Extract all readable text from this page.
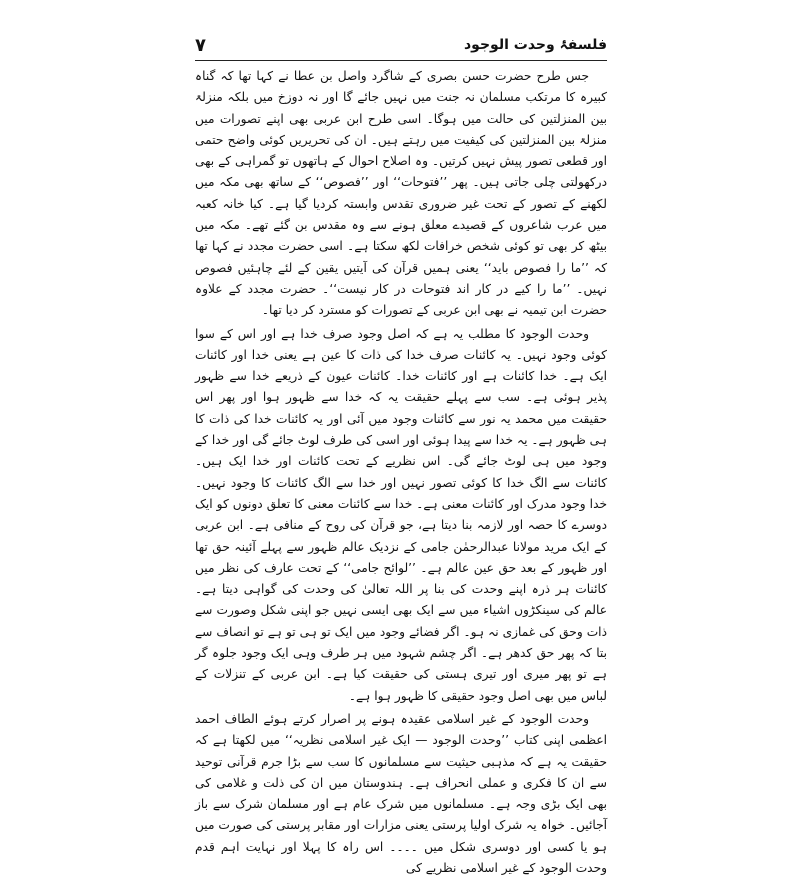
فلسفۂ وحدت الوجود
۷

جس طرح حضرت حسن بصری کے شاگرد واصل بن عطا نے کہا تھا کہ گناہ کبیرہ کا مرتکب مسلمان نہ جنت میں نہیں جائے گا اور نہ دوزخ میں بلکہ منزلۃ بین المنزلتین کی حالت میں ہوگا۔ اسی طرح ابن عربی بھی اپنے تصورات میں منزلۃ بین المنزلتین کی کیفیت میں رہتے ہیں۔ ان کی تحریریں کوئی واضح حتمی اور قطعی تصور پیش نہیں کرتیں۔ وہ اصلاح احوال کے ہاتھوں تو گمراہی کے بھی درکھولتی چلی جاتی ہیں۔ پھر ’’فتوحات‘‘ اور ’’فصوص‘‘ کے ساتھ بھی مکہ میں لکھنے کے تصور کے تحت غیر ضروری تقدس وابستہ کردیا گیا ہے۔ کیا خانہ کعبہ میں عرب شاعروں کے قصیدے معلق ہونے سے وہ مقدس بن گئے تھے۔ مکہ میں بیٹھ کر بھی تو کوئی شخص خرافات لکھ سکتا ہے۔ اسی حضرت مجدد نے کہا تھا کہ ’’ما را فصوص باید‘‘ یعنی ہمیں قرآن کی آیتیں یقین کے لئے چاہئیں فصوص نہیں۔ ’’ما را کیے در کار اند فتوحات در کار نیست‘‘۔ حضرت مجدد کے علاوہ حضرت ابن تیمیہ نے بھی ابن عربی کے تصورات کو مسترد کر دیا تھا۔

وحدت الوجود کا مطلب یہ ہے کہ اصل وجود صرف خدا ہے اور اس کے سوا کوئی وجود نہیں۔ یہ کائنات صرف خدا کی ذات کا عین ہے یعنی خدا اور کائنات ایک ہے۔ خدا کائنات ہے اور کائنات خدا۔ کائنات عیون کے ذریعے خدا سے ظہور پذیر ہوئی ہے۔ سب سے پہلے حقیقت یہ کہ خدا سے ظہور ہوا اور پھر اس حقیقت میں محمد یہ نور سے کائنات وجود میں آئی اور یہ کائنات خدا کی ذات کا ہی ظہور ہے۔ یہ خدا سے پیدا ہوئی اور اسی کی طرف لوٹ جائے گی اور خدا کے وجود میں ہی لوٹ جائے گی۔ اس نظریے کے تحت کائنات اور خدا ایک ہیں۔ کائنات سے الگ خدا کا کوئی تصور نہیں اور خدا سے الگ کائنات کا وجود نہیں۔ خدا وجود مدرک اور کائنات معنی ہے۔ خدا سے کائنات معنی کا تعلق دونوں کو ایک دوسرے کا حصہ اور لازمہ بنا دیتا ہے، جو قرآن کی روح کے منافی ہے۔ ابن عربی کے ایک مرید مولانا عبدالرحمٰن جامی کے نزدیک عالم ظہور سے پہلے آئینہ حق تھا اور ظہور کے بعد حق عین عالم ہے۔ ’’لوائح جامی‘‘ کے تحت عارف کی نظر میں کائنات ہر ذرہ اپنے وحدت کی بنا پر اللہ تعالیٰ کی وحدت کی گواہی دیتا ہے۔ عالم کی سینکڑوں اشیاء میں سے ایک بھی ایسی نہیں جو اپنی شکل وصورت سے ذات وحق کی غمازی نہ ہو۔ اگر فضائے وجود میں ایک تو ہی تو ہے تو انصاف سے بتا کہ پھر حق کدھر ہے۔ اگر چشم شہود میں ہر طرف وہی ایک وجود جلوہ گر ہے تو پھر میری اور تیری ہستی کی حقیقت کیا ہے۔ ابن عربی کے تنزلات کے لباس میں بھی اصل وجود حقیقی کا ظہور ہوا ہے۔

وحدت الوجود کے غیر اسلامی عقیدہ ہونے پر اصرار کرتے ہوئے الطاف احمد اعظمی اپنی کتاب ’’وحدت الوجود — ایک غیر اسلامی نظریہ‘‘ میں لکھتا ہے کہ حقیقت یہ ہے کہ مذہبی حیثیت سے مسلمانوں کا سب سے بڑا جرم قرآنی توحید سے ان کا فکری و عملی انحراف ہے۔ ہندوستان میں ان کی ذلت و غلامی کی بھی ایک بڑی وجہ ہے۔ مسلمانوں میں شرک عام ہے اور مسلمان شرک سے باز آجائیں۔ خواہ یہ شرک اولیا پرستی یعنی مزارات اور مقابر پرستی کی صورت میں ہو یا کسی اور دوسری شکل میں ۔۔۔۔ اس راہ کا پہلا اور نہایت اہم قدم وحدت الوجود کے غیر اسلامی نظریے کی
